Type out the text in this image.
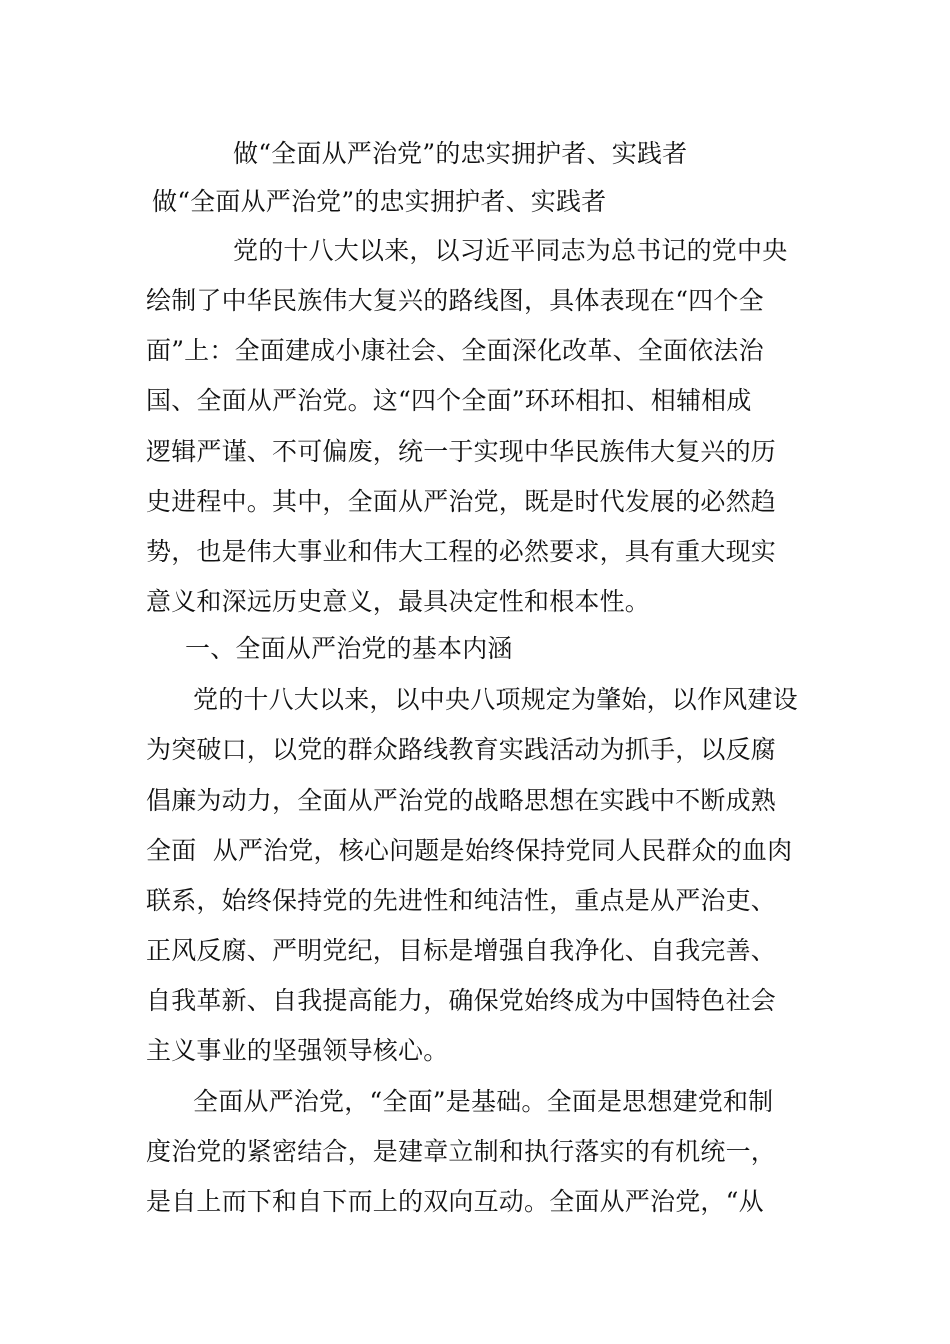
做“全面从严治党”的忠实拥护者、实践者
做“全面从严治党”的忠实拥护者、实践者
党的十八大以来，以习近平同志为总书记的党中央
绘制了中华民族伟大复兴的路线图，具体表现在“四个全
面”上：全面建成小康社会、全面深化改革、全面依法治
国、全面从严治党。这“四个全面”环环相扣、相辅相成
逻辑严谨、不可偏废，统一于实现中华民族伟大复兴的历
史进程中。其中，全面从严治党，既是时代发展的必然趋
势，也是伟大事业和伟大工程的必然要求，具有重大现实
意义和深远历史意义，最具决定性和根本性。
一、全面从严治党的基本内涵
党的十八大以来，以中央八项规定为肇始，以作风建设
为突破口，以党的群众路线教育实践活动为抓手，以反腐
倡廉为动力，全面从严治党的战略思想在实践中不断成熟
全面  从严治党，核心问题是始终保持党同人民群众的血肉
联系，始终保持党的先进性和纯洁性，重点是从严治吏、
正风反腐、严明党纪，目标是增强自我净化、自我完善、
自我革新、自我提高能力，确保党始终成为中国特色社会
主义事业的坚强领导核心。
全面从严治党，“全面”是基础。全面是思想建党和制
度治党的紧密结合，是建章立制和执行落实的有机统一，
是自上而下和自下而上的双向互动。全面从严治党，“从
